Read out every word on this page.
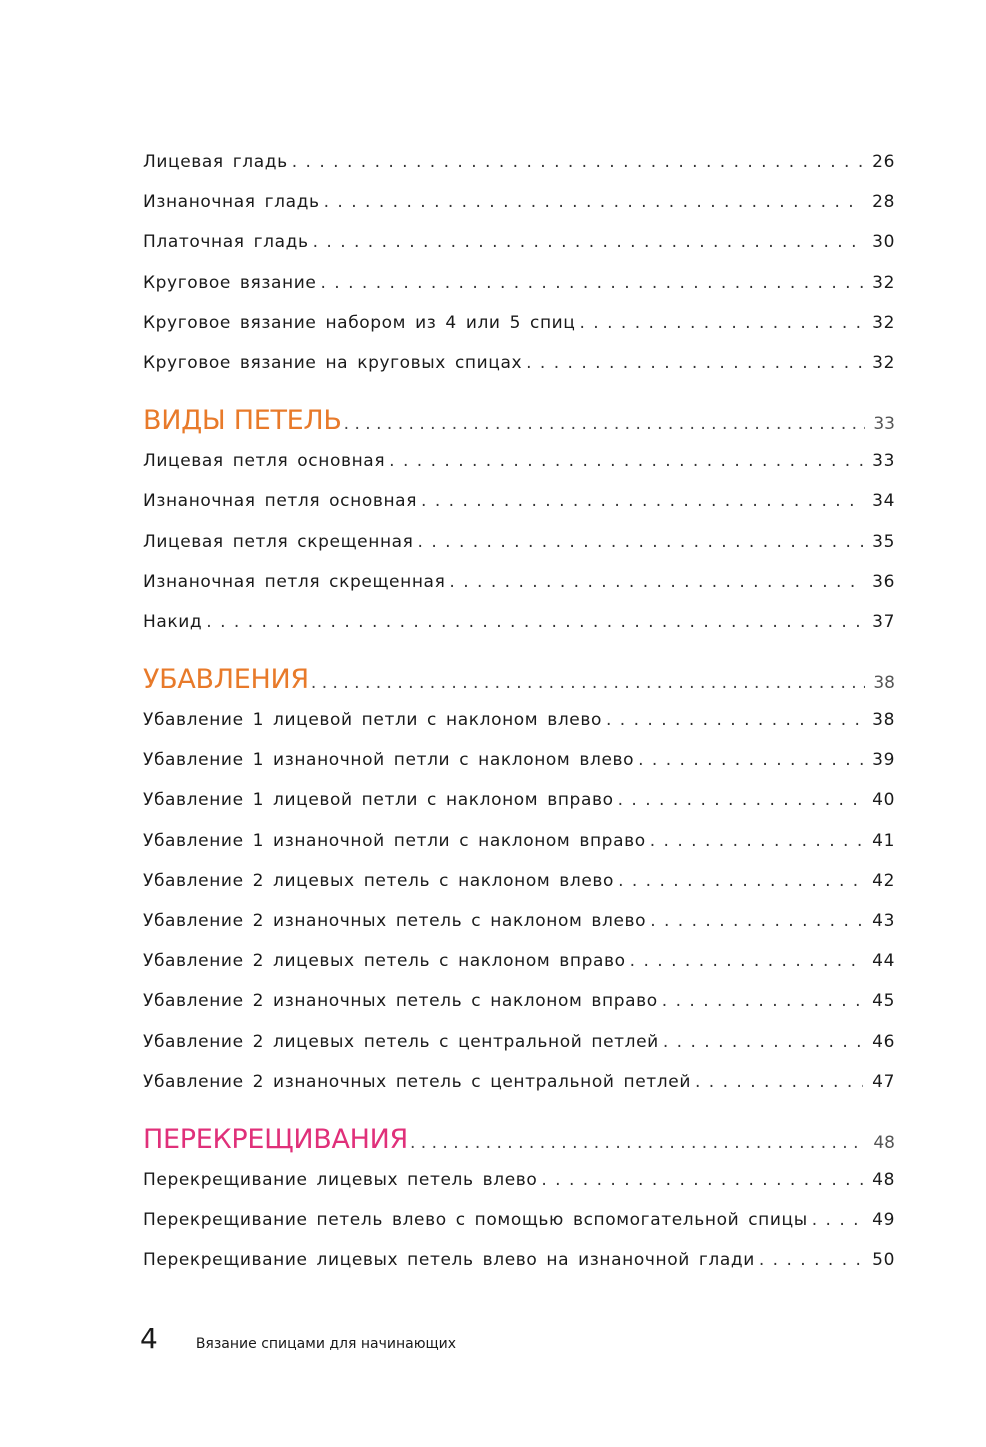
Лицевая гладь . . .	26
Изнаночная гладь . . .	28
Платочная гладь . . .	30
Круговое вязание . . .	32
Круговое вязание набором из 4 или 5 спиц . . .	32
Круговое вязание на круговых спицах . . .	32
ВИДЫ ПЕТЕЛЬ . . .	33
Лицевая петля основная . . .	33
Изнаночная петля основная . . .	34
Лицевая петля скрещенная . . .	35
Изнаночная петля скрещенная . . .	36
Накид . . .	37
УБАВЛЕНИЯ . . .	38
Убавление 1 лицевой петли с наклоном влево . . .	38
Убавление 1 изнаночной петли с наклоном влево . . .	39
Убавление 1 лицевой петли с наклоном вправо . . .	40
Убавление 1 изнаночной петли с наклоном вправо . . .	41
Убавление 2 лицевых петель с наклоном влево . . .	42
Убавление 2 изнаночных петель с наклоном влево . . .	43
Убавление 2 лицевых петель с наклоном вправо . . .	44
Убавление 2 изнаночных петель с наклоном вправо . . .	45
Убавление 2 лицевых петель с центральной петлей . . .	46
Убавление 2 изнаночных петель с центральной петлей . . .	47
ПЕРЕКРЕЩИВАНИЯ . . .	48
Перекрещивание лицевых петель влево . . .	48
Перекрещивание петель влево с помощью вспомогательной спицы . . .	49
Перекрещивание лицевых петель влево на изнаночной глади . . .	50
4	Вязание спицами для начинающих
